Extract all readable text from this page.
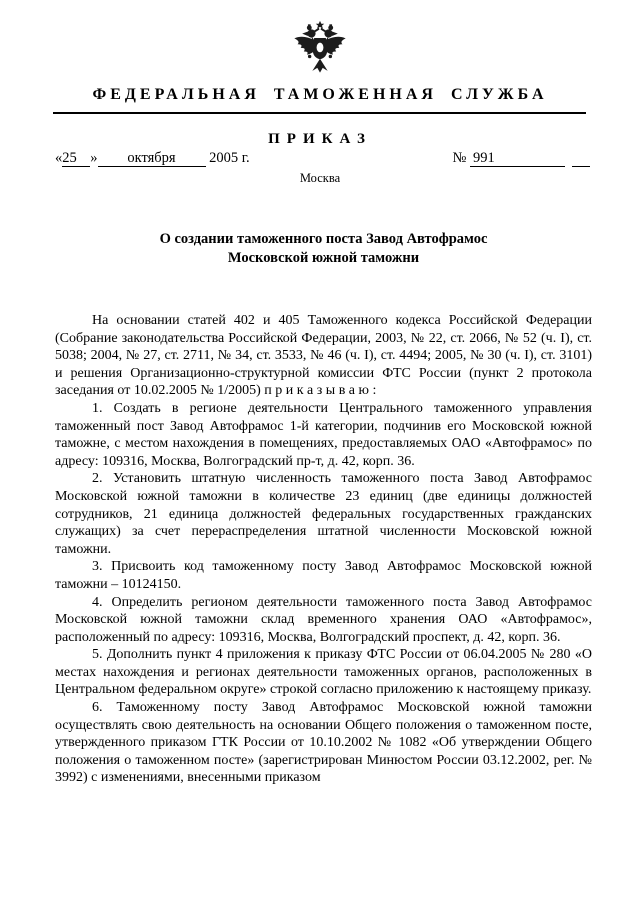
ФЕДЕРАЛЬНАЯ ТАМОЖЕННАЯ СЛУЖБА
ПРИКАЗ
«25 » октября 2005 г.	№ 991
Москва
О создании таможенного поста Завод Автофрамос
Московской южной таможни

На основании статей 402 и 405 Таможенного кодекса Российской Федерации (Собрание законодательства Российской Федерации, 2003, № 22, ст. 2066, № 52 (ч. I), ст. 5038; 2004, № 27, ст. 2711, № 34, ст. 3533, № 46 (ч. I), ст. 4494; 2005, № 30 (ч. I), ст. 3101) и решения Организационно-структурной комиссии ФТС России (пункт 2 протокола заседания от 10.02.2005 № 1/2005) п р и к а з ы в а ю :

1. Создать в регионе деятельности Центрального таможенного управления таможенный пост Завод Автофрамос 1-й категории, подчинив его Московской южной таможне, с местом нахождения в помещениях, предоставляемых ОАО «Автофрамос» по адресу: 109316, Москва, Волгоградский пр-т, д. 42, корп. 36.

2. Установить штатную численность таможенного поста Завод Автофрамос Московской южной таможни в количестве 23 единиц (две единицы должностей сотрудников, 21 единица должностей федеральных государственных гражданских служащих) за счет перераспределения штатной численности Московской южной таможни.

3. Присвоить код таможенному посту Завод Автофрамос Московской южной таможни – 10124150.

4. Определить регионом деятельности таможенного поста Завод Автофрамос Московской южной таможни склад временного хранения ОАО «Автофрамос», расположенный по адресу: 109316, Москва, Волгоградский проспект, д. 42, корп. 36.

5. Дополнить пункт 4 приложения к приказу ФТС России от 06.04.2005 № 280 «О местах нахождения и регионах деятельности таможенных органов, расположенных в Центральном федеральном округе» строкой согласно приложению к настоящему приказу.

6. Таможенному посту Завод Автофрамос Московской южной таможни осуществлять свою деятельность на основании Общего положения о таможенном посте, утвержденного приказом ГТК России от 10.10.2002 № 1082 «Об утверждении Общего положения о таможенном посте» (зарегистрирован Минюстом России 03.12.2002, рег. № 3992) с изменениями, внесенными приказом
